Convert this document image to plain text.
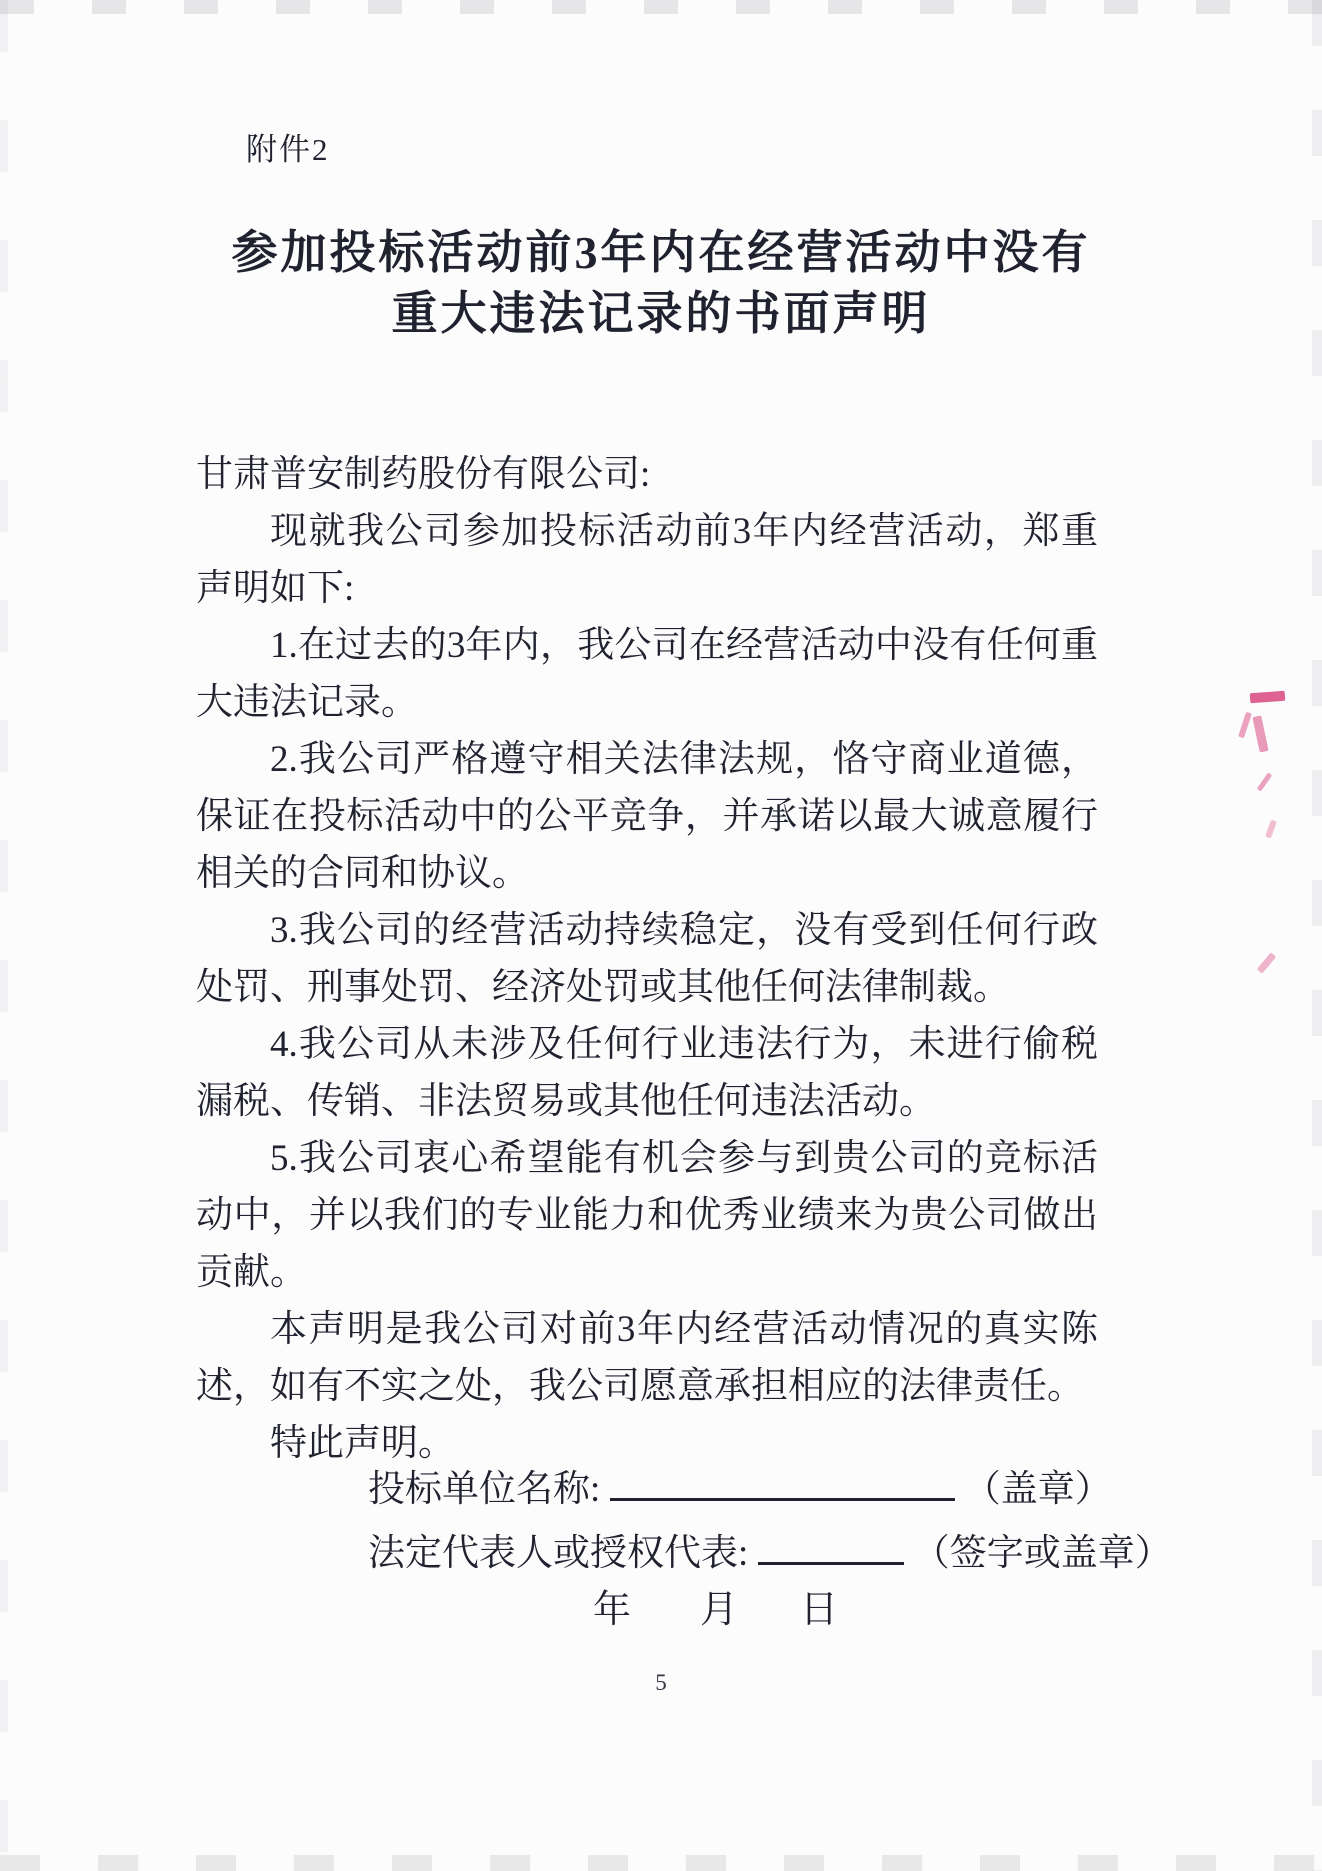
附件2
参加投标活动前3年内在经营活动中没有
重大违法记录的书面声明

甘肃普安制药股份有限公司:

现就我公司参加投标活动前3年内经营活动，郑重声明如下:

1.在过去的3年内，我公司在经营活动中没有任何重大违法记录。

2.我公司严格遵守相关法律法规，恪守商业道德，保证在投标活动中的公平竞争，并承诺以最大诚意履行相关的合同和协议。

3.我公司的经营活动持续稳定，没有受到任何行政处罚、刑事处罚、经济处罚或其他任何法律制裁。

4.我公司从未涉及任何行业违法行为，未进行偷税漏税、传销、非法贸易或其他任何违法活动。

5.我公司衷心希望能有机会参与到贵公司的竞标活动中，并以我们的专业能力和优秀业绩来为贵公司做出贡献。

本声明是我公司对前3年内经营活动情况的真实陈述，如有不实之处，我公司愿意承担相应的法律责任。

特此声明。

投标单位名称:	（盖章）

法定代表人或授权代表:	（签字或盖章）

年 月 日
5
